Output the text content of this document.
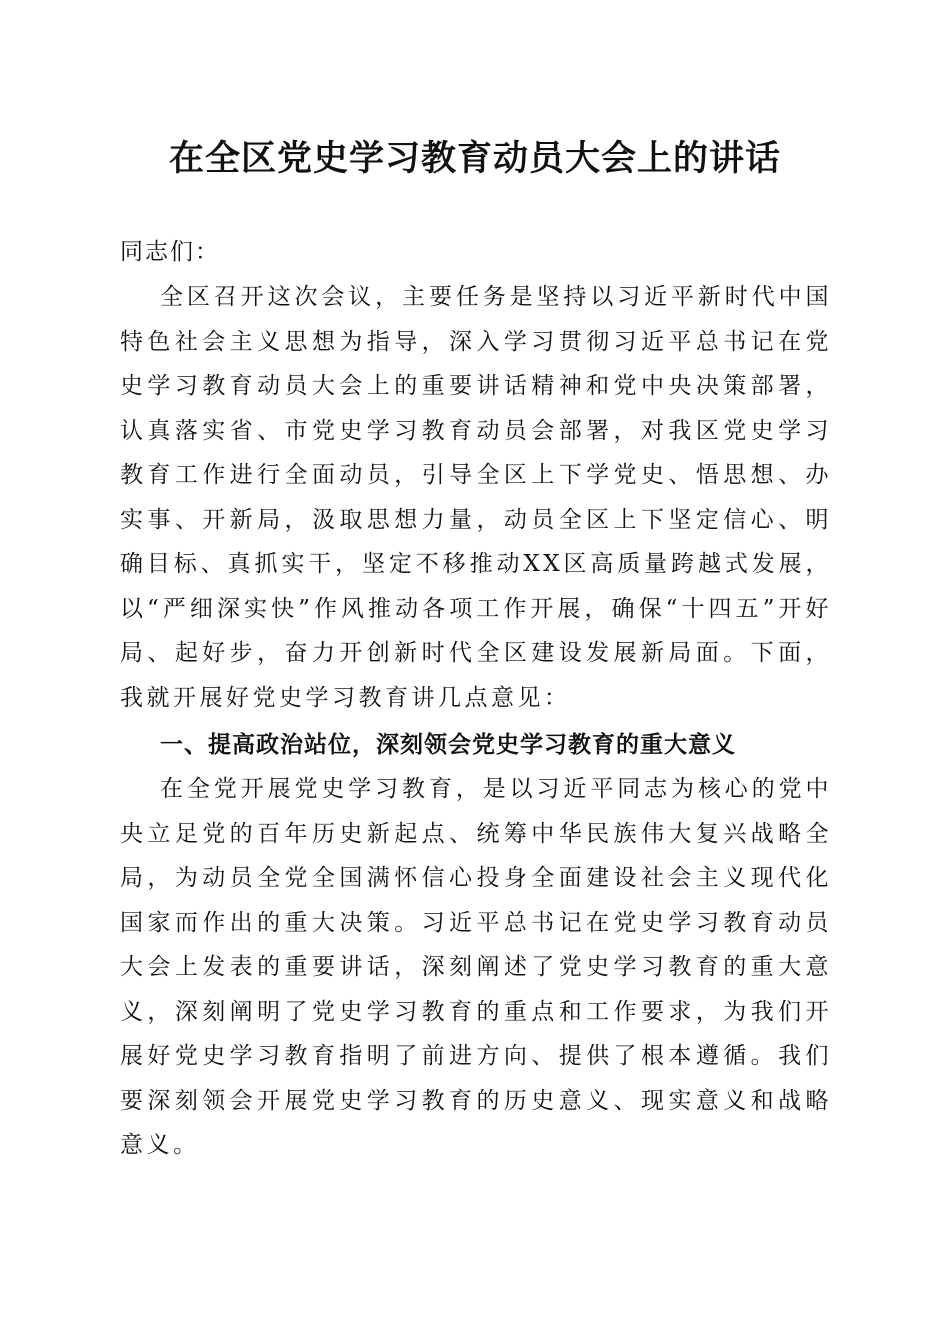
在全区党史学习教育动员大会上的讲话
同志们：
全区召开这次会议，主要任务是坚持以习近平新时代中国特色社会主义思想为指导，深入学习贯彻习近平总书记在党史学习教育动员大会上的重要讲话精神和党中央决策部署，认真落实省、市党史学习教育动员会部署，对我区党史学习教育工作进行全面动员，引导全区上下学党史、悟思想、办实事、开新局，汲取思想力量，动员全区上下坚定信心、明确目标、真抓实干，坚定不移推动XX区高质量跨越式发展，以“严细深实快”作风推动各项工作开展，确保“十四五”开好局、起好步，奋力开创新时代全区建设发展新局面。下面，我就开展好党史学习教育讲几点意见：
一、提高政治站位，深刻领会党史学习教育的重大意义
在全党开展党史学习教育，是以习近平同志为核心的党中央立足党的百年历史新起点、统筹中华民族伟大复兴战略全局，为动员全党全国满怀信心投身全面建设社会主义现代化国家而作出的重大决策。习近平总书记在党史学习教育动员大会上发表的重要讲话，深刻阐述了党史学习教育的重大意义，深刻阐明了党史学习教育的重点和工作要求，为我们开展好党史学习教育指明了前进方向、提供了根本遵循。我们要深刻领会开展党史学习教育的历史意义、现实意义和战略意义。
